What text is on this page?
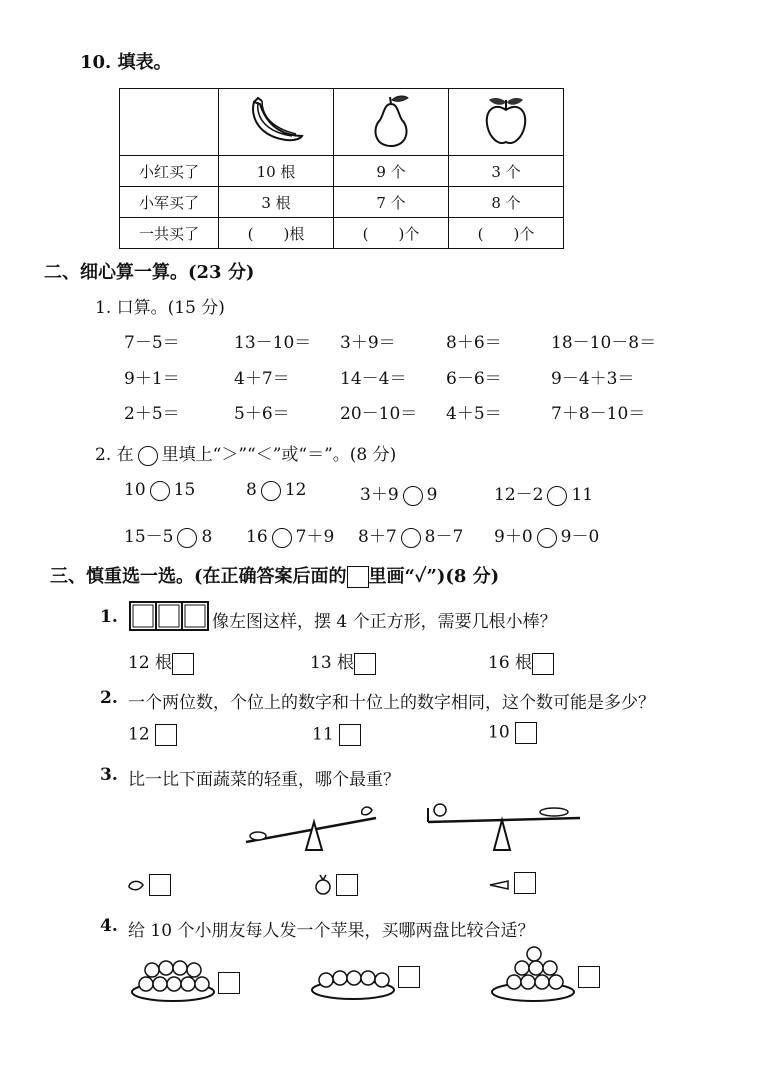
10. 填表。

小红买了	10 根	9 个	3 个
小军买了	3 根	7 个	8 个
一共买了	(　　)根	(　　)个	(　　)个
二、细心算一算。(23 分)
1. 口算。(15 分)
7－5＝	13－10＝ 3＋9＝	8＋6＝	18－10－8＝
9＋1＝	4＋7＝	14－4＝ 6－6＝	9－4＋3＝
2＋5＝	5＋6＝	20－10＝ 4＋5＝	7＋8－10＝
2. 在 里填上“＞”“＜”或“＝”。(8 分)
10 15	8 12	3＋9 9	12－2 11
15－5 8 16 7＋9 8＋7 8－7 9＋0 9－0
三、慎重选一选。(在正确答案后面的 里画“✓”)(8 分)
1.	像左图这样，摆 4 个正方形，需要几根小棒？
12 根	13 根	16 根
2. 一个两位数，个位上的数字和十位上的数字相同，这个数可能是多少？
12	11	10
3. 比一比下面蔬菜的轻重，哪个最重？
4. 给 10 个小朋友每人发一个苹果，买哪两盘比较合适？
